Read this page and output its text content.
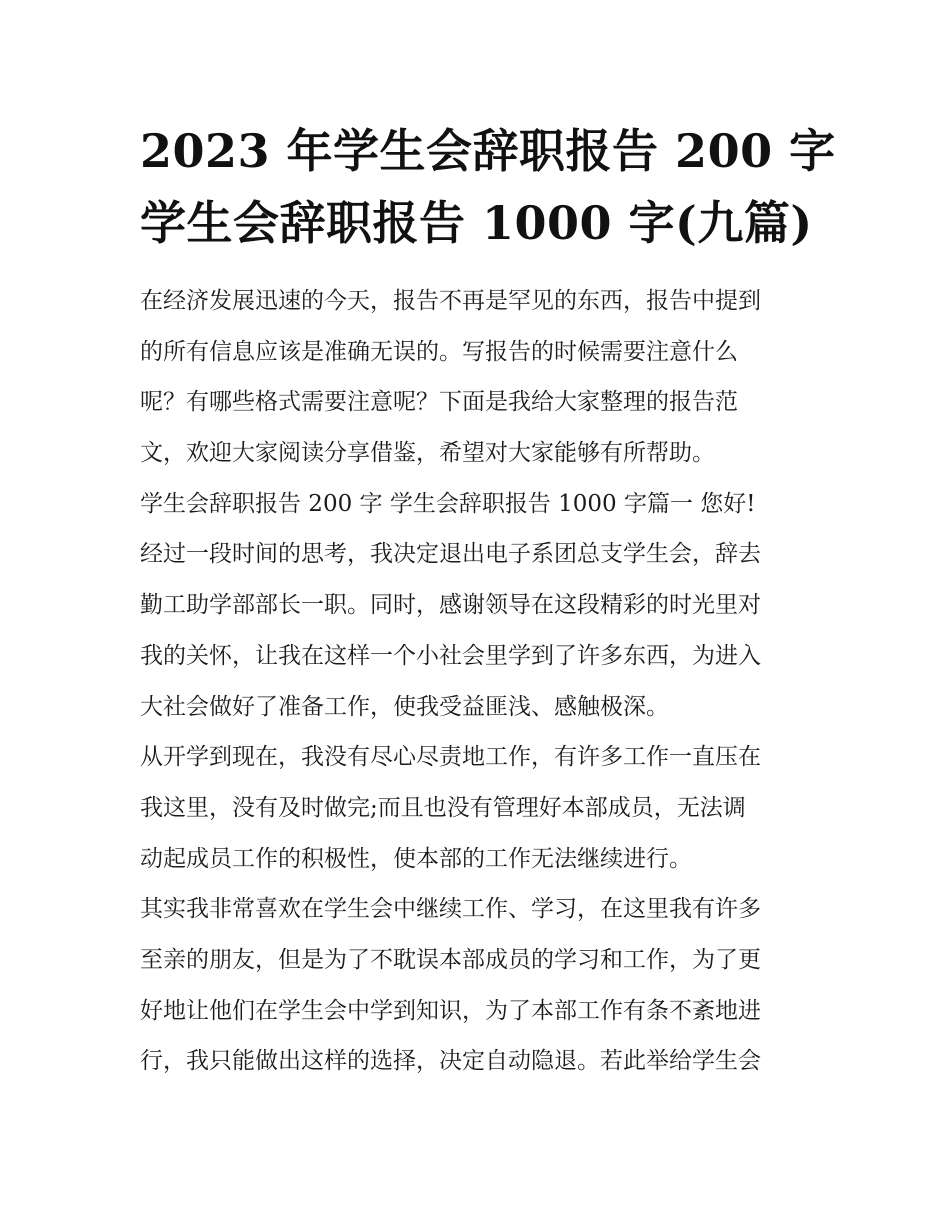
2023 年学生会辞职报告 200 字
学生会辞职报告 1000 字(九篇)
在经济发展迅速的今天，报告不再是罕见的东西，报告中提到
的所有信息应该是准确无误的。写报告的时候需要注意什么
呢？有哪些格式需要注意呢？下面是我给大家整理的报告范
文，欢迎大家阅读分享借鉴，希望对大家能够有所帮助。
学生会辞职报告 200 字 学生会辞职报告 1000 字篇一 您好!
经过一段时间的思考，我决定退出电子系团总支学生会，辞去
勤工助学部部长一职。同时，感谢领导在这段精彩的时光里对
我的关怀，让我在这样一个小社会里学到了许多东西，为进入
大社会做好了准备工作，使我受益匪浅、感触极深。
从开学到现在，我没有尽心尽责地工作，有许多工作一直压在
我这里，没有及时做完;而且也没有管理好本部成员，无法调
动起成员工作的积极性，使本部的工作无法继续进行。
其实我非常喜欢在学生会中继续工作、学习，在这里我有许多
至亲的朋友，但是为了不耽误本部成员的学习和工作，为了更
好地让他们在学生会中学到知识，为了本部工作有条不紊地进
行，我只能做出这样的选择，决定自动隐退。若此举给学生会
